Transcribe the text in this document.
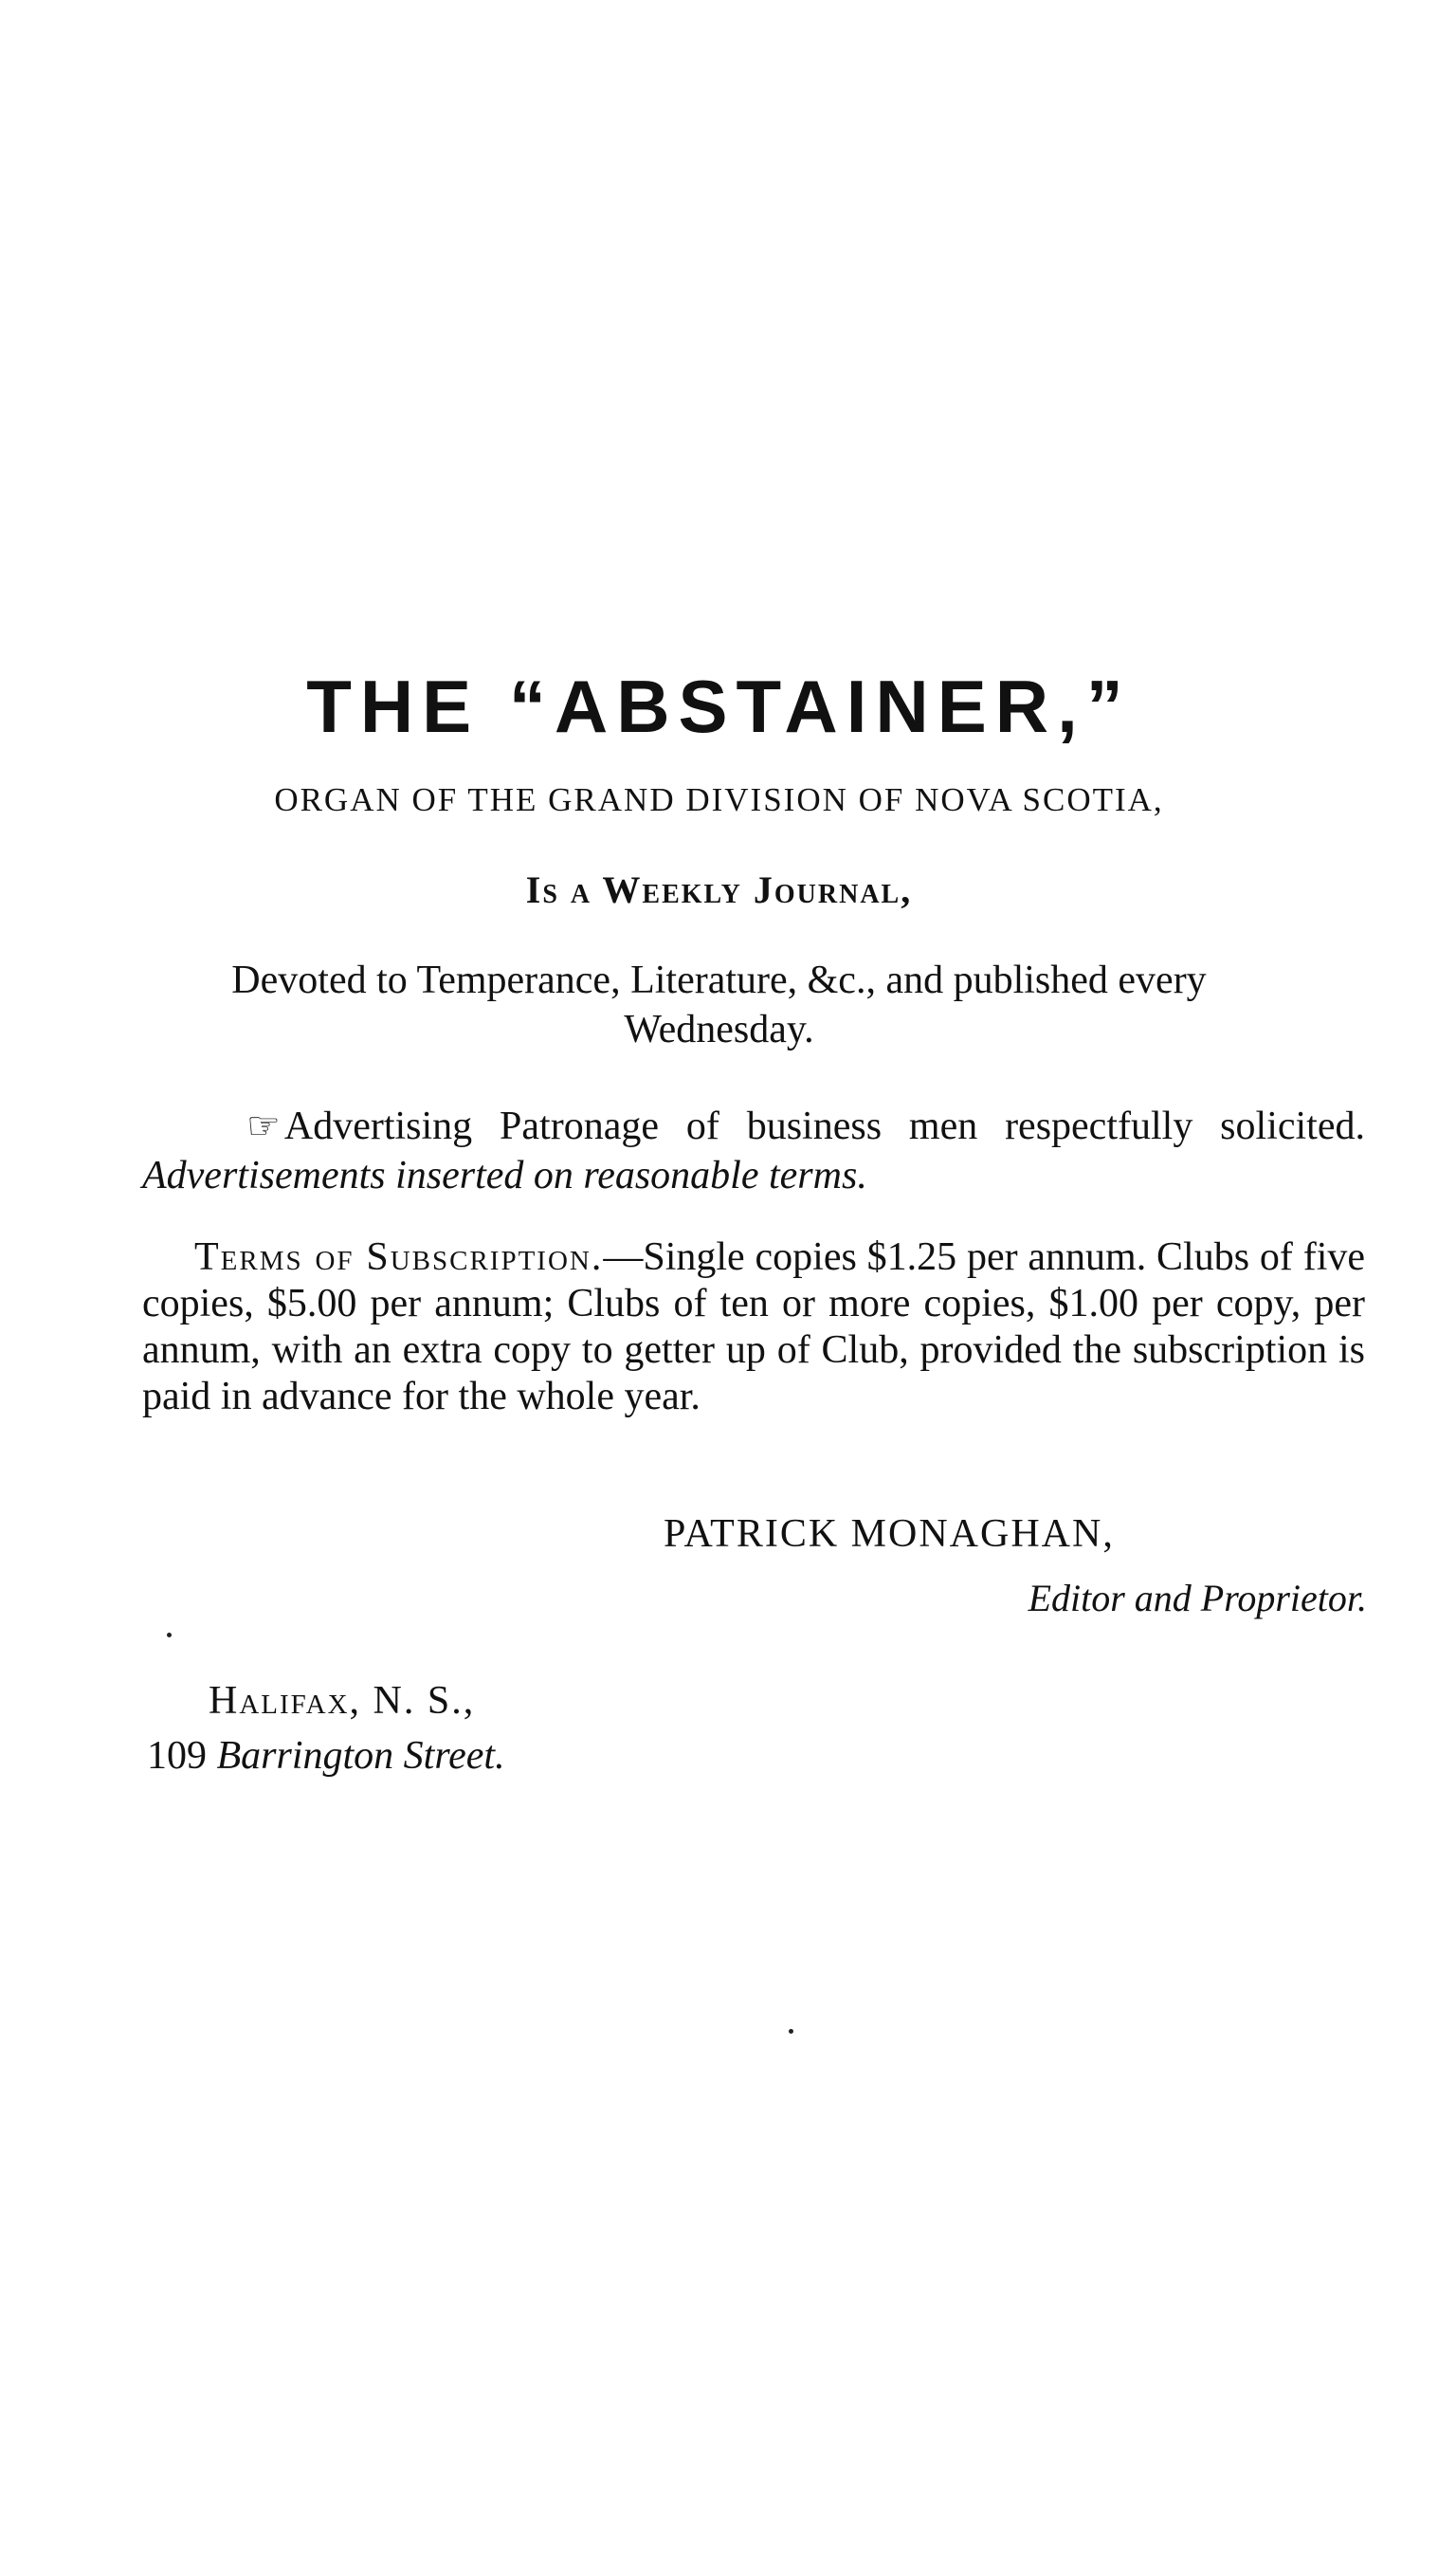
THE “ABSTAINER,”
ORGAN OF THE GRAND DIVISION OF NOVA SCOTIA,
Is a Weekly Journal,
Devoted to Temperance, Literature, &c., and published every Wednesday.
☞Advertising Patronage of business men respectfully solicited. Advertisements inserted on reasonable terms.
Terms of Subscription.—Single copies $1.25 per annum. Clubs of five copies, $5.00 per annum; Clubs of ten or more copies, $1.00 per copy, per annum, with an extra copy to getter up of Club, provided the subscription is paid in advance for the whole year.
PATRICK MONAGHAN,
Editor and Proprietor.
Halifax, N. S.,
109 Barrington Street.
